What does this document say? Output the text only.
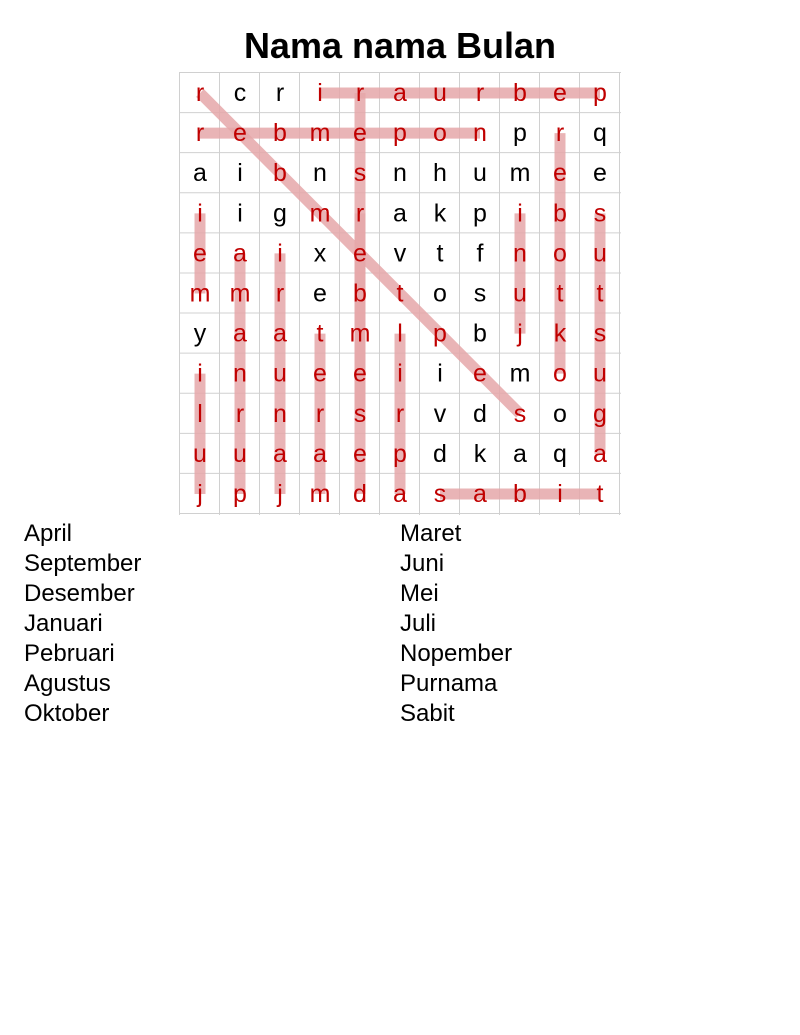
Nama nama Bulan
r c r i r a u r b e p
r e b m e p o n p r q
a i b n s n h u m e e
i i g m r a k p i b s
e a i x e v t f n o u
m m r e b t o s u t t
y a a t m l p b j k s
i n u e e i i e m o u
l r n r s r v d s o g
u u a a e p d k a q a
j p j m d a s a b i t
April
September
Desember
Januari
Pebruari
Agustus
Oktober
Maret
Juni
Mei
Juli
Nopember
Purnama
Sabit
